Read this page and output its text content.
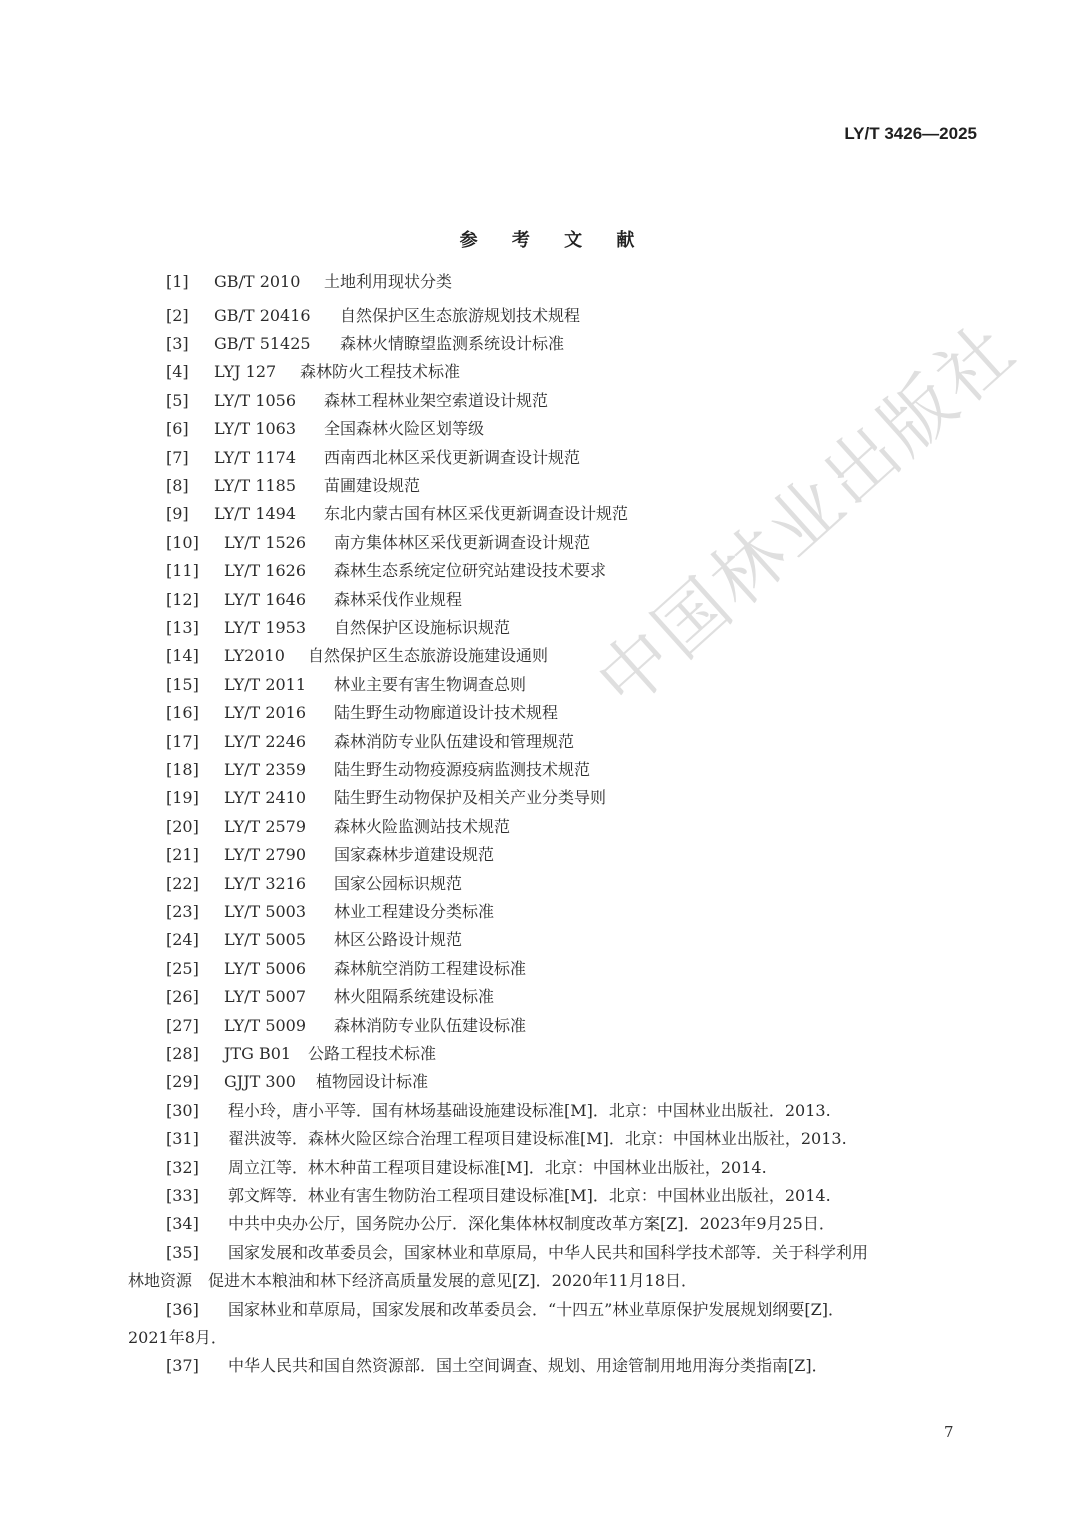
LY/T 3426—2025
参 考 文 献
[1] GB/T 2010 土地利用现状分类
[2] GB/T 20416 自然保护区生态旅游规划技术规程
[3] GB/T 51425 森林火情瞭望监测系统设计标准
[4] LYJ 127 森林防火工程技术标准
[5] LY/T 1056 森林工程林业架空索道设计规范
[6] LY/T 1063 全国森林火险区划等级
[7] LY/T 1174 西南西北林区采伐更新调查设计规范
[8] LY/T 1185 苗圃建设规范
[9] LY/T 1494 东北内蒙古国有林区采伐更新调查设计规范
[10] LY/T 1526 南方集体林区采伐更新调查设计规范
[11] LY/T 1626 森林生态系统定位研究站建设技术要求
[12] LY/T 1646 森林采伐作业规程
[13] LY/T 1953 自然保护区设施标识规范
[14] LY2010 自然保护区生态旅游设施建设通则
[15] LY/T 2011 林业主要有害生物调查总则
[16] LY/T 2016 陆生野生动物廊道设计技术规程
[17] LY/T 2246 森林消防专业队伍建设和管理规范
[18] LY/T 2359 陆生野生动物疫源疫病监测技术规范
[19] LY/T 2410 陆生野生动物保护及相关产业分类导则
[20] LY/T 2579 森林火险监测站技术规范
[21] LY/T 2790 国家森林步道建设规范
[22] LY/T 3216 国家公园标识规范
[23] LY/T 5003 林业工程建设分类标准
[24] LY/T 5005 林区公路设计规范
[25] LY/T 5006 森林航空消防工程建设标准
[26] LY/T 5007 林火阻隔系统建设标准
[27] LY/T 5009 森林消防专业队伍建设标准
[28] JTG B01 公路工程技术标准
[29] GJJT 300 植物园设计标准
[30] 程小玲，唐小平等．国有林场基础设施建设标准[M]．北京：中国林业出版社．2013.
[31] 翟洪波等．森林火险区综合治理工程项目建设标准[M]．北京：中国林业出版社，2013.
[32] 周立江等．林木种苗工程项目建设标准[M]．北京：中国林业出版社，2014.
[33] 郭文辉等．林业有害生物防治工程项目建设标准[M]．北京：中国林业出版社，2014.
[34] 中共中央办公厅，国务院办公厅．深化集体林权制度改革方案[Z]．2023年9月25日．
[35] 国家发展和改革委员会，国家林业和草原局，中华人民共和国科学技术部等．关于科学利用
林地资源　促进木本粮油和林下经济高质量发展的意见[Z]．2020年11月18日．
[36] 国家林业和草原局，国家发展和改革委员会．“十四五”林业草原保护发展规划纲要[Z]．
2021年8月．
[37] 中华人民共和国自然资源部．国土空间调查、规划、用途管制用地用海分类指南[Z]．
中国林业出版社
7
